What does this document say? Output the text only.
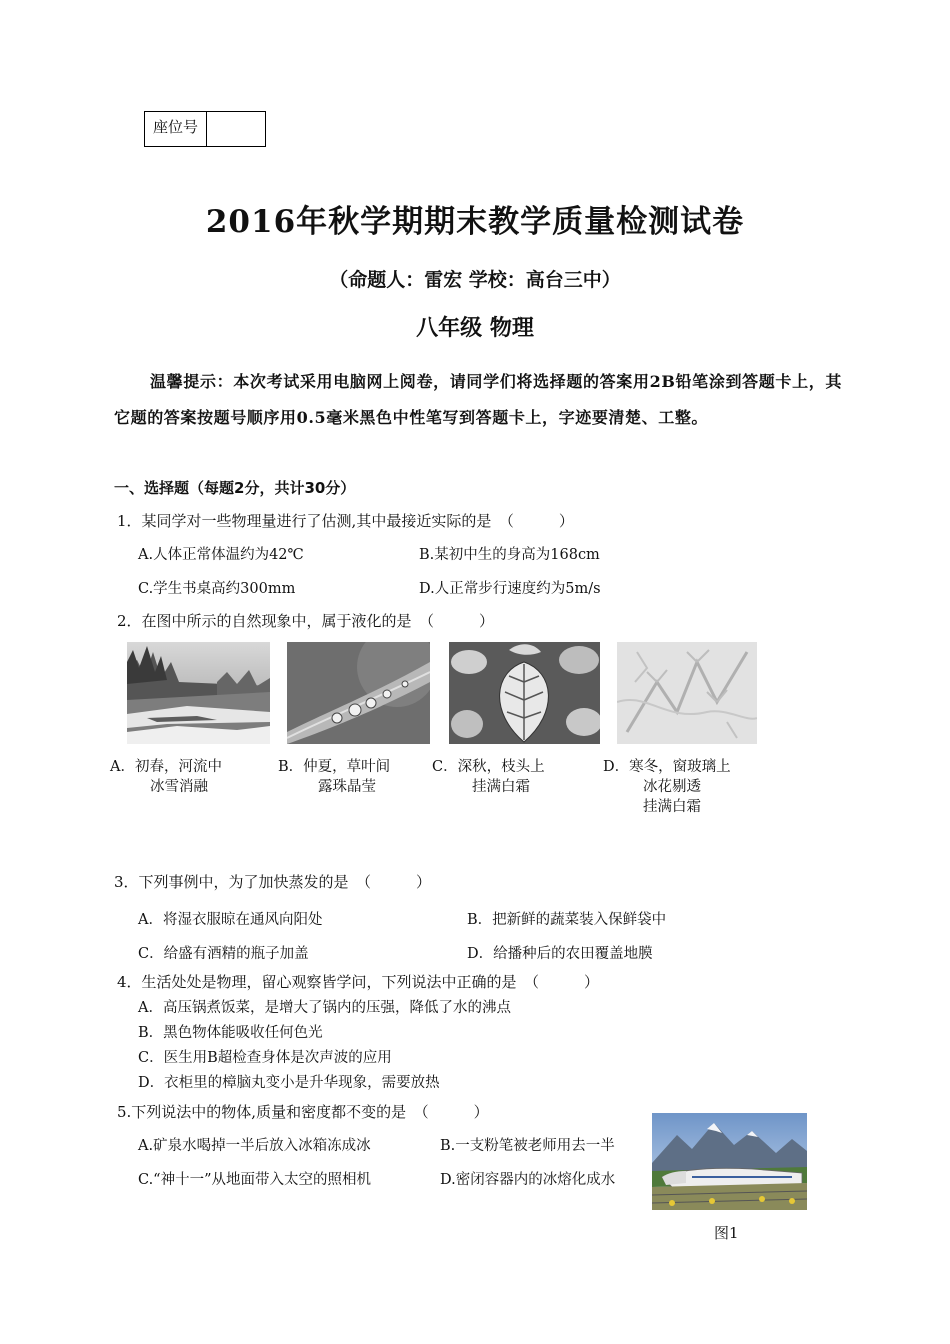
座位号
2016年秋学期期末教学质量检测试卷
（命题人：雷宏 学校：高台三中）
八年级 物理
温馨提示：本次考试采用电脑网上阅卷，请同学们将选择题的答案用2B铅笔涂到答题卡上，其它题的答案按题号顺序用0.5毫米黑色中性笔写到答题卡上，字迹要清楚、工整。
一、选择题（每题2分，共计30分）
1．某同学对一些物理量进行了估测,其中最接近实际的是　（　　　）
A.人体正常体温约为42℃	B.某初中生的身高为168cm
C.学生书桌高约300mm	D.人正常步行速度约为5m/s
2．在图中所示的自然现象中，属于液化的是　（　　　）
A．初春，河流中
冰雪消融
B．仲夏，草叶间
露珠晶莹
C．深秋，枝头上
挂满白霜
D．寒冬，窗玻璃上
冰花剔透
挂满白霜
3．下列事例中，为了加快蒸发的是　（　　　）
A．将湿衣服晾在通风向阳处	B．把新鲜的蔬菜装入保鲜袋中
C．给盛有酒精的瓶子加盖	D．给播种后的农田覆盖地膜
4．生活处处是物理，留心观察皆学问，下列说法中正确的是　（　　　）
A．高压锅煮饭菜，是增大了锅内的压强，降低了水的沸点
B．黑色物体能吸收任何色光
C．医生用B超检查身体是次声波的应用
D．衣柜里的樟脑丸变小是升华现象，需要放热
5.下列说法中的物体,质量和密度都不变的是　（　　　）
A.矿泉水喝掉一半后放入冰箱冻成冰	B.一支粉笔被老师用去一半
C.“神十一”从地面带入太空的照相机	D.密闭容器内的冰熔化成水
图1
